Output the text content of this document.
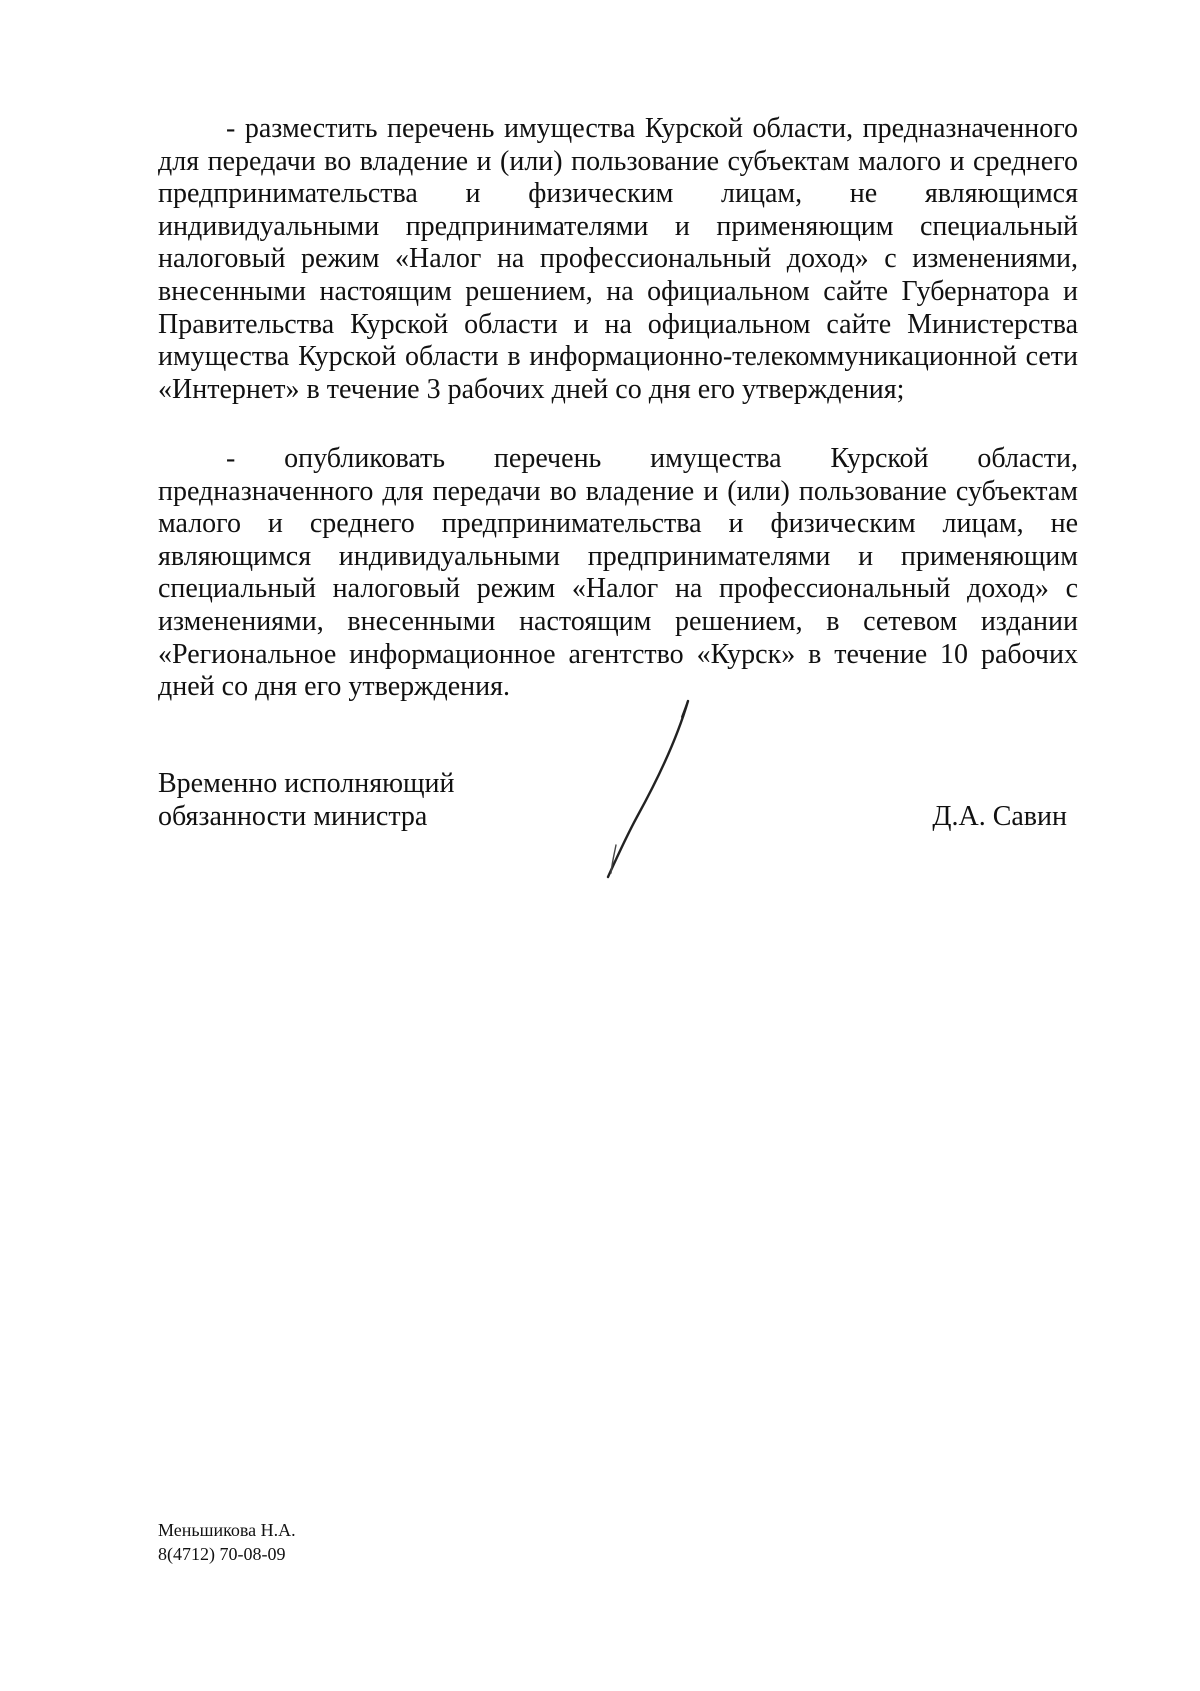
- разместить перечень имущества Курской области, предназначенного для передачи во владение и (или) пользование субъектам малого и среднего предпринимательства и физическим лицам, не являющимся индивидуальными предпринимателями и применяющим специальный налоговый режим «Налог на профессиональный доход» с изменениями, внесенными настоящим решением, на официальном сайте Губернатора и Правительства Курской области и на официальном сайте Министерства имущества Курской области в информационно-телекоммуникационной сети «Интернет» в течение 3 рабочих дней со дня его утверждения;

- опубликовать перечень имущества Курской области, предназначенного для передачи во владение и (или) пользование субъектам малого и среднего предпринимательства и физическим лицам, не являющимся индивидуальными предпринимателями и применяющим специальный налоговый режим «Налог на профессиональный доход» с изменениями, внесенными настоящим решением, в сетевом издании «Региональное информационное агентство «Курск» в течение 10 рабочих дней со дня его утверждения.

Временно исполняющий
обязанности министра	Д.А. Савин

Меньшикова Н.А.
8(4712) 70-08-09
